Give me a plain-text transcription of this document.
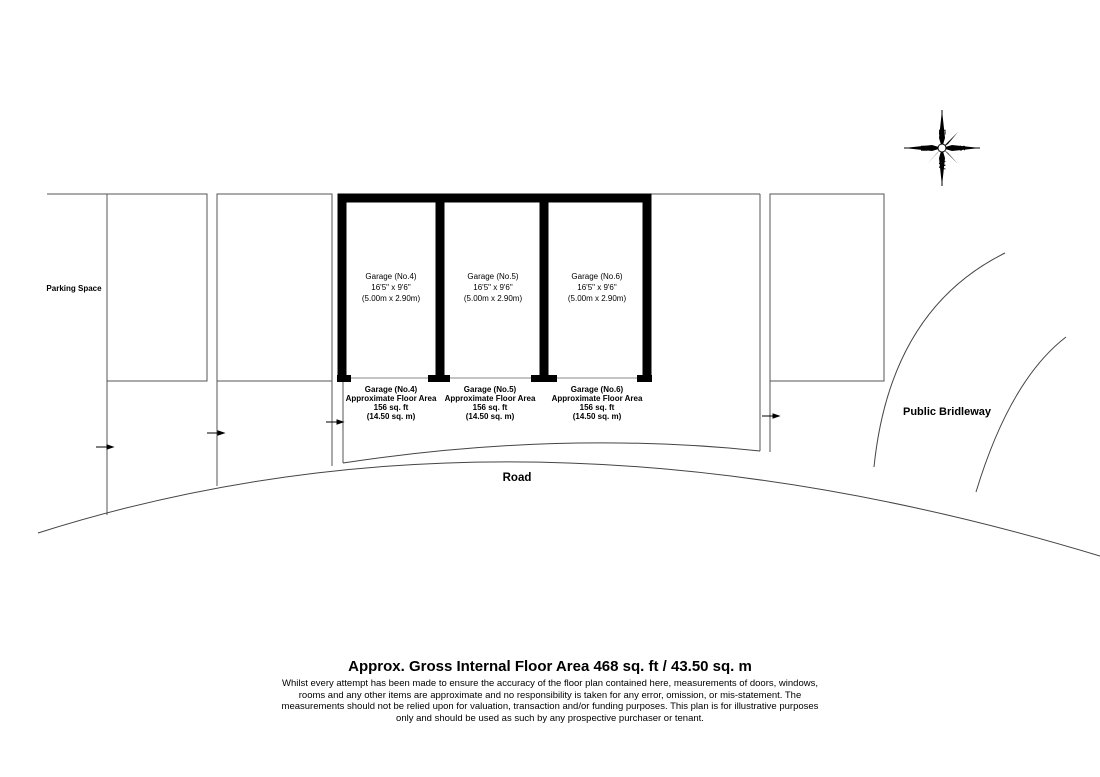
E
S
W
N
Parking Space
Road
Public Bridleway
Garage (No.4)
16'5" x 9'6"
(5.00m x 2.90m)
Garage (No.4)
Approximate Floor Area
156 sq. ft
(14.50 sq. m)
Garage (No.5)
16'5" x 9'6"
(5.00m x 2.90m)
Garage (No.5)
Approximate Floor Area
156 sq. ft
(14.50 sq. m)
Garage (No.6)
16'5" x 9'6"
(5.00m x 2.90m)
Garage (No.6)
Approximate Floor Area
156 sq. ft
(14.50 sq. m)
Approx. Gross Internal Floor Area 468 sq. ft / 43.50 sq. m
Whilst every attempt has been made to ensure the accuracy of the floor plan contained here, measurements of doors, windows, rooms and any other items are approximate and no responsibility is taken for any error, omission, or mis-statement. The measurements should not be relied upon for valuation, transaction and/or funding purposes. This plan is for illustrative purposes only and should be used as such by any prospective purchaser or tenant.
